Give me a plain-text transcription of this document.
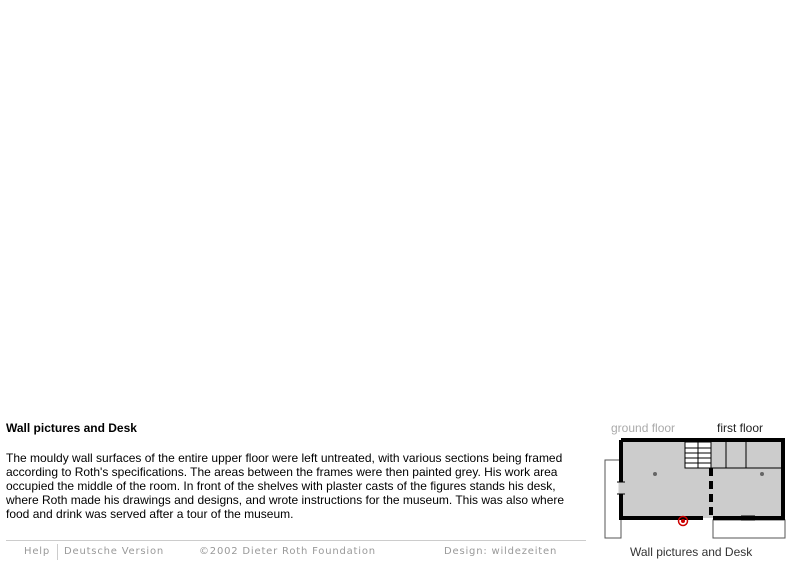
Wall pictures and Desk

The mouldy wall surfaces of the entire upper floor were left untreated, with various sections being framed according to Roth's specifications. The areas between the frames were then painted grey. His work area occupied the middle of the room. In front of the shelves with plaster casts of the figures stands his desk, where Roth made his drawings and designs, and wrote instructions for the museum. This was also where food and drink was served after a tour of the museum.

Help Deutsche Version	©2002 Dieter Roth Foundation	Design: wildezeiten
ground floor	first floor
Wall pictures and Desk
